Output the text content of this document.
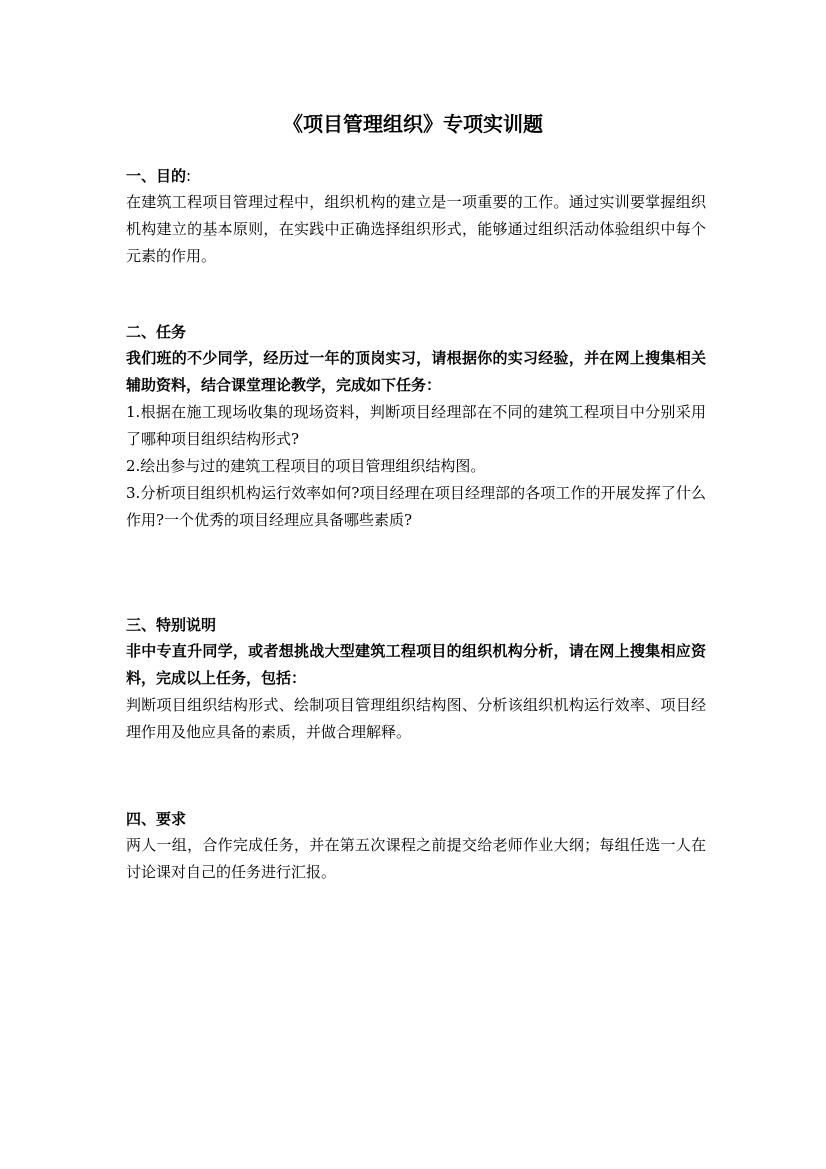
《项目管理组织》专项实训题
一、目的:

在建筑工程项目管理过程中，组织机构的建立是一项重要的工作。通过实训要掌握组织机构建立的基本原则，在实践中正确选择组织形式，能够通过组织活动体验组织中每个元素的作用。

二、任务

我们班的不少同学，经历过一年的顶岗实习，请根据你的实习经验，并在网上搜集相关辅助资料，结合课堂理论教学，完成如下任务：

1.根据在施工现场收集的现场资料，判断项目经理部在不同的建筑工程项目中分别采用了哪种项目组织结构形式?

2.绘出参与过的建筑工程项目的项目管理组织结构图。

3.分析项目组织机构运行效率如何?项目经理在项目经理部的各项工作的开展发挥了什么作用?一个优秀的项目经理应具备哪些素质?

三、特别说明

非中专直升同学，或者想挑战大型建筑工程项目的组织机构分析，请在网上搜集相应资料，完成以上任务，包括：

判断项目组织结构形式、绘制项目管理组织结构图、分析该组织机构运行效率、项目经理作用及他应具备的素质，并做合理解释。

四、要求

两人一组，合作完成任务，并在第五次课程之前提交给老师作业大纲；每组任选一人在讨论课对自己的任务进行汇报。
